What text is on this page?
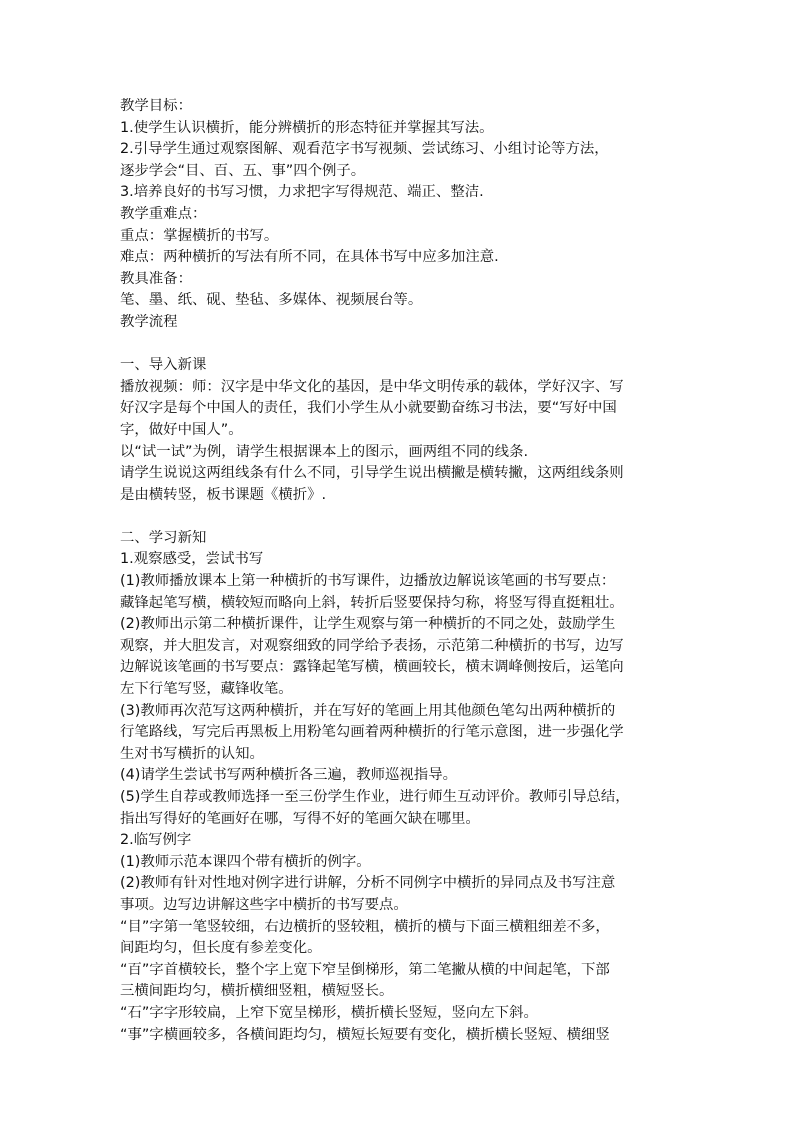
教学目标：
1.使学生认识横折，能分辨横折的形态特征并掌握其写法。
2.引导学生通过观察图解、观看范字书写视频、尝试练习、小组讨论等方法，
逐步学会“目、百、五、事”四个例子。
3.培养良好的书写习惯，力求把字写得规范、端正、整洁.
教学重难点：
重点：掌握横折的书写。
难点：两种横折的写法有所不同，在具体书写中应多加注意.
教具准备：
笔、墨、纸、砚、垫毡、多媒体、视频展台等。
教学流程
一、导入新课
播放视频：师：汉字是中华文化的基因，是中华文明传承的载体，学好汉字、写
好汉字是每个中国人的责任，我们小学生从小就要勤奋练习书法，要“写好中国
字，做好中国人”。
以“试一试”为例，请学生根据课本上的图示，画两组不同的线条.
请学生说说这两组线条有什么不同，引导学生说出横撇是横转撇，这两组线条则
是由横转竖，板书课题《横折》.
二、学习新知
1.观察感受，尝试书写
(1)教师播放课本上第一种横折的书写课件，边播放边解说该笔画的书写要点：
藏锋起笔写横，横较短而略向上斜，转折后竖要保持匀称，将竖写得直挺粗壮。
(2)教师出示第二种横折课件，让学生观察与第一种横折的不同之处，鼓励学生
观察，并大胆发言，对观察细致的同学给予表扬，示范第二种横折的书写，边写
边解说该笔画的书写要点：露锋起笔写横，横画较长，横末调峰侧按后，运笔向
左下行笔写竖，藏锋收笔。
(3)教师再次范写这两种横折，并在写好的笔画上用其他颜色笔勾出两种横折的
行笔路线，写完后再黑板上用粉笔勾画着两种横折的行笔示意图，进一步强化学
生对书写横折的认知。
(4)请学生尝试书写两种横折各三遍，教师巡视指导。
(5)学生自荐或教师选择一至三份学生作业，进行师生互动评价。教师引导总结，
指出写得好的笔画好在哪，写得不好的笔画欠缺在哪里。
2.临写例字
(1)教师示范本课四个带有横折的例字。
(2)教师有针对性地对例字进行讲解，分析不同例字中横折的异同点及书写注意
事项。边写边讲解这些字中横折的书写要点。
“目”字第一笔竖较细，右边横折的竖较粗，横折的横与下面三横粗细差不多，
间距均匀，但长度有参差变化。
“百”字首横较长，整个字上宽下窄呈倒梯形，第二笔撇从横的中间起笔，下部
三横间距均匀，横折横细竖粗，横短竖长。
“石”字字形较扁，上窄下宽呈梯形，横折横长竖短，竖向左下斜。
“事”字横画较多，各横间距均匀，横短长短要有变化，横折横长竖短、横细竖
